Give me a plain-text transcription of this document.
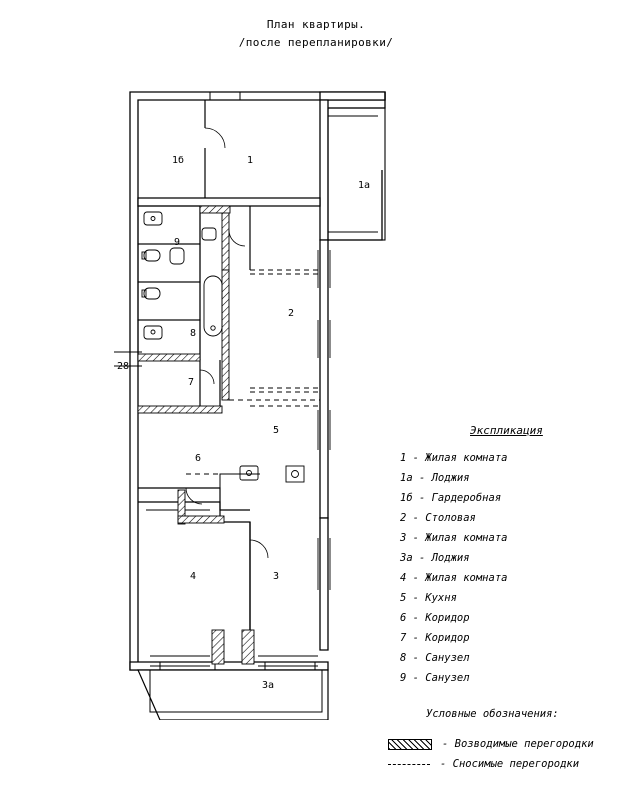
План квартиры.
/после перепланировки/
1
1а
1б
9
8
7
6
5
2
4	3
3а
28
Экспликация
1 - Жилая комната
1а - Лоджия
1б - Гардеробная
2 - Столовая
3 - Жилая комната
3а - Лоджия
4 - Жилая комната
5 - Кухня
6 - Коридор
7 - Коридор
8 - Санузел
9 - Санузел
Условные обозначения:
- Возводимые перегородки
- Сносимые перегородки
